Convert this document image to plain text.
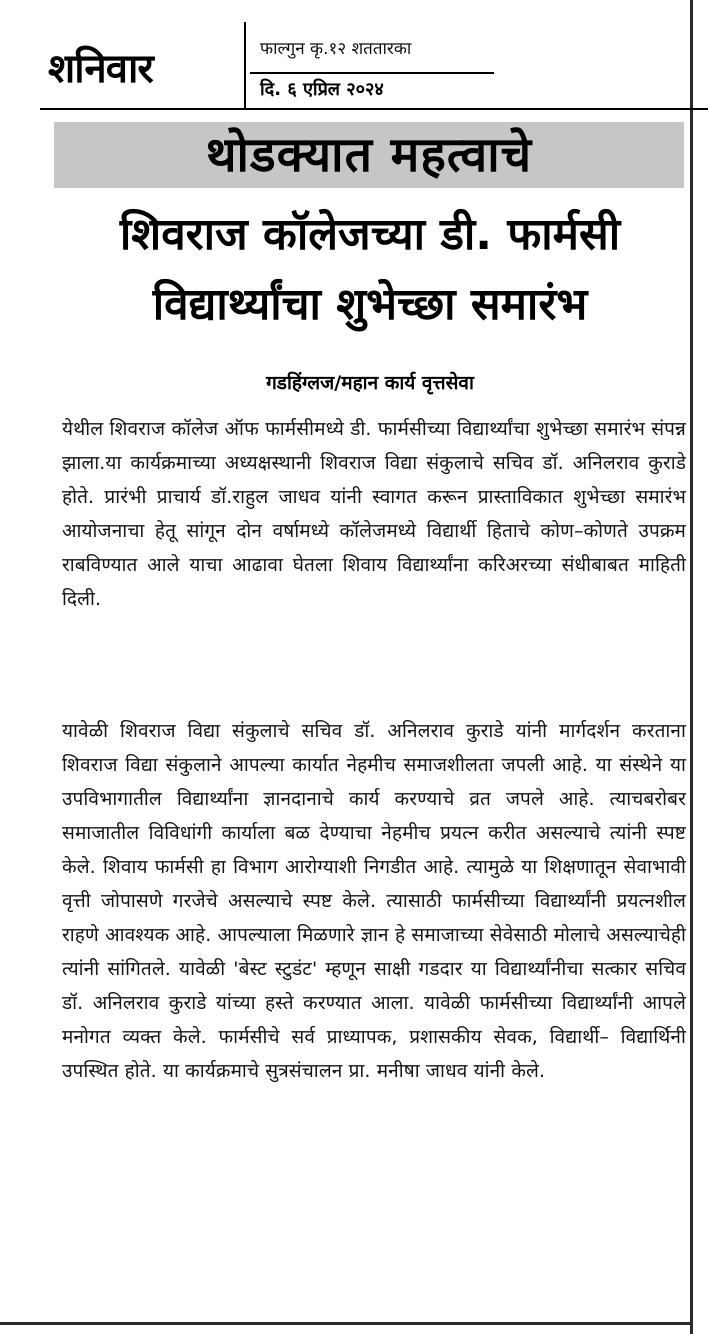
शनिवार	फाल्गुन कृ.१२ शततारका
दि. ६ एप्रिल २०२४
थोडक्यात महत्वाचे
शिवराज कॉलेजच्या डी. फार्मसी
विद्यार्थ्यांचा शुभेच्छा समारंभ
गडहिंग्लज/महान कार्य वृत्तसेवा
येथील शिवराज कॉलेज ऑफ फार्मसीमध्ये डी. फार्मसीच्या विद्यार्थ्यांचा शुभेच्छा समारंभ संपन्न झाला.या कार्यक्रमाच्या अध्यक्षस्थानी शिवराज विद्या संकुलाचे सचिव डॉ. अनिलराव कुराडे होते. प्रारंभी प्राचार्य डॉ.राहुल जाधव यांनी स्वागत करून प्रास्ताविकात शुभेच्छा समारंभ आयोजनाचा हेतू सांगून दोन वर्षामध्ये कॉलेजमध्ये विद्यार्थी हिताचे कोण–कोणते उपक्रम राबविण्यात आले याचा आढावा घेतला शिवाय विद्यार्थ्यांना करिअरच्या संधीबाबत माहिती दिली.
यावेळी शिवराज विद्या संकुलाचे सचिव डॉ. अनिलराव कुराडे यांनी मार्गदर्शन करताना शिवराज विद्या संकुलाने आपल्या कार्यात नेहमीच समाजशीलता जपली आहे. या संस्थेने या उपविभागातील विद्यार्थ्यांना ज्ञानदानाचे कार्य करण्याचे व्रत जपले आहे. त्याचबरोबर समाजातील विविधांगी कार्याला बळ देण्याचा नेहमीच प्रयत्न करीत असल्याचे त्यांनी स्पष्ट केले. शिवाय फार्मसी हा विभाग आरोग्याशी निगडीत आहे. त्यामुळे या शिक्षणातून सेवाभावी वृत्ती जोपासणे गरजेचे असल्याचे स्पष्ट केले. त्यासाठी फार्मसीच्या विद्यार्थ्यांनी प्रयत्नशील राहणे आवश्यक आहे. आपल्याला मिळणारे ज्ञान हे समाजाच्या सेवेसाठी मोलाचे असल्याचेही त्यांनी सांगितले. यावेळी 'बेस्ट स्टुडंट' म्हणून साक्षी गडदार या विद्यार्थ्यांनीचा सत्कार सचिव डॉ. अनिलराव कुराडे यांच्या हस्ते करण्यात आला. यावेळी फार्मसीच्या विद्यार्थ्यांनी आपले मनोगत व्यक्त केले. फार्मसीचे सर्व प्राध्यापक, प्रशासकीय सेवक, विद्यार्थी– विद्यार्थिनी उपस्थित होते. या कार्यक्रमाचे सुत्रसंचालन प्रा. मनीषा जाधव यांनी केले.
